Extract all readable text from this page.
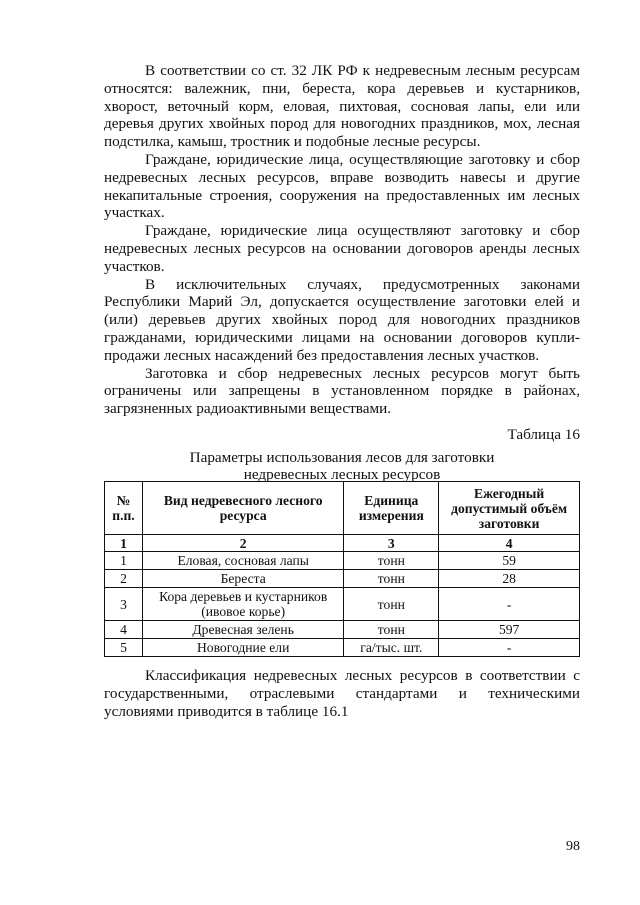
В соответствии со ст. 32 ЛК РФ к недревесным лесным ресурсам относятся: валежник, пни, береста, кора деревьев и кустарников, хворост, веточный корм, еловая, пихтовая, сосновая лапы, ели или деревья других хвойных пород для новогодних праздников, мох, лесная подстилка, камыш, тростник и подобные лесные ресурсы.

Граждане, юридические лица, осуществляющие заготовку и сбор недревесных лесных ресурсов, вправе возводить навесы и другие некапитальные строения, сооружения на предоставленных им лесных участках.

Граждане, юридические лица осуществляют заготовку и сбор недревесных лесных ресурсов на основании договоров аренды лесных участков.

В исключительных случаях, предусмотренных законами Республики Марий Эл, допускается осуществление заготовки елей и (или) деревьев других хвойных пород для новогодних праздников гражданами, юридическими лицами на основании договоров купли-продажи лесных насаждений без предоставления лесных участков.

Заготовка и сбор недревесных лесных ресурсов могут быть ограничены или запрещены в установленном порядке в районах, загрязненных радиоактивными веществами.

Таблица 16
Параметры использования лесов для заготовки
недревесных лесных ресурсов
№ п.п.	Вид недревесного лесного ресурса	Единица измерения	Ежегодный допустимый объём заготовки
1	2	3	4
1	Еловая, сосновая лапы	тонн	59
2	Береста	тонн	28
3	Кора деревьев и кустарников (ивовое корье)	тонн	-
4	Древесная зелень	тонн	597
5	Новогодние ели	га/тыс. шт.	-

Классификация недревесных лесных ресурсов в соответствии с государственными, отраслевыми стандартами и техническими условиями приводится в таблице 16.1

98
